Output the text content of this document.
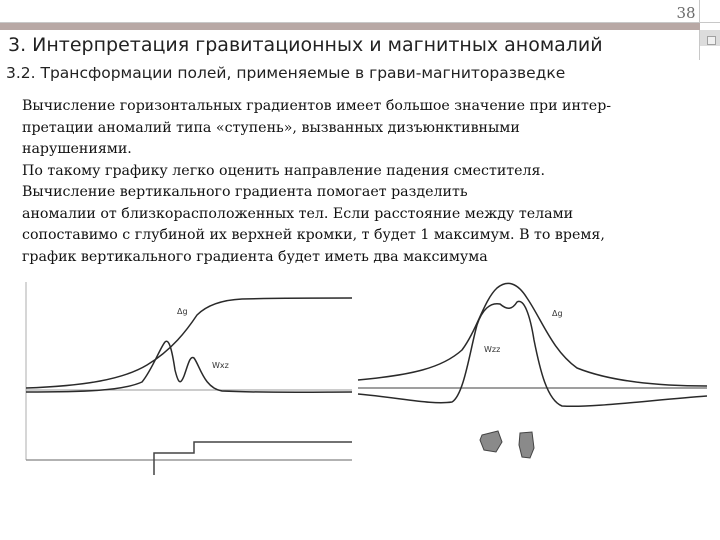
38
3. Интерпретация гравитационных и магнитных аномалий
3.2. Трансформации полей, применяемые в грави-магниторазведке

Вычисление горизонтальных градиентов имеет большое значение при интер-

претации аномалий типа «ступень», вызванных дизъюнктивными

нарушениями.

По такому графику легко оценить направление падения сместителя.

Вычисление вертикального градиента помогает разделить

аномалии от близкорасположенных тел. Если расстояние между телами

сопоставимо с глубиной их верхней кромки, т будет 1 максимум. В то время,

график вертикального градиента будет иметь два максимума

Δg
Wxz
Δg
Wzz
